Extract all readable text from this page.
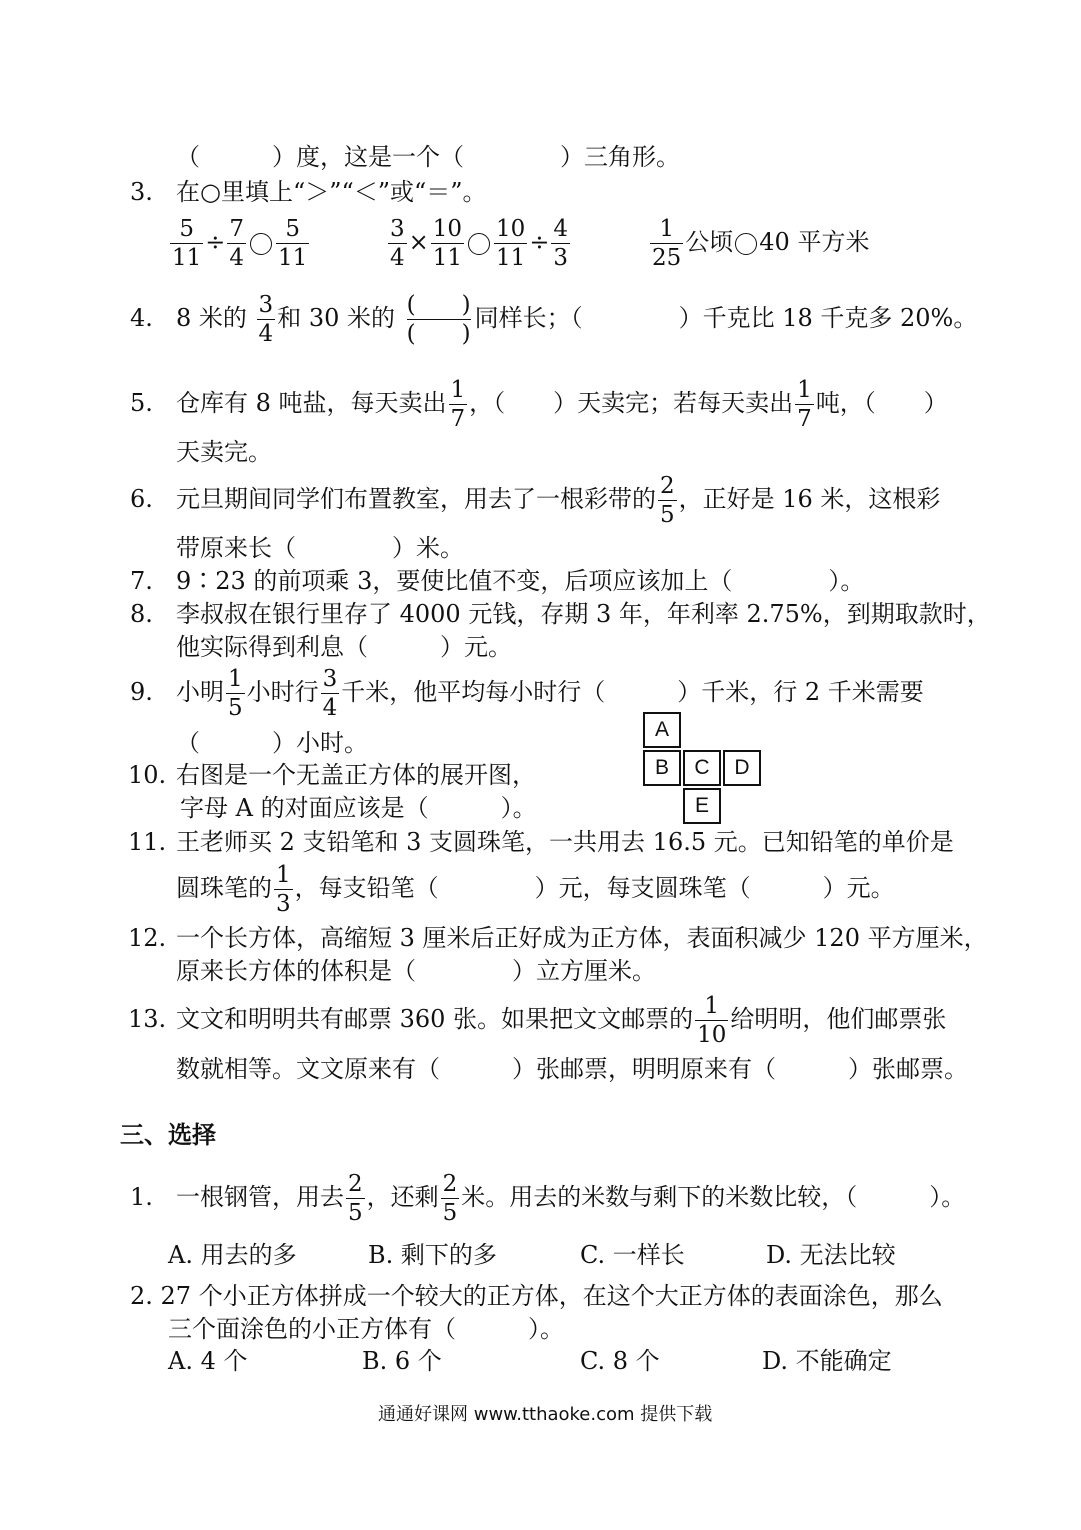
（　　　）度，这是一个（　　　　）三角形。
3. 在○里填上“＞”“＜”或“＝”。
$\frac{5}{11} \div \frac{7}{4} \frac{5}{11}$	$\frac{3}{4} \times \frac{10}{11} \frac{10}{11} \div \frac{4}{3}$	$\frac{1}{25}$ 公顷 40 平方米
4. 8 米的 $\frac{3}{4}$ 和 30 米的 $\frac{( )}{( )}$ 同样长；（　　　　）千克比 18 千克多 20%。
5. 仓库有 8 吨盐，每天卖出 $\frac{1}{7}$ ，（　　）天卖完；若每天卖出 $\frac{1}{7}$ 吨，（　　）
天卖完。
6. 元旦期间同学们布置教室，用去了一根彩带的 $\frac{2}{5}$ ，正好是 16 米，这根彩
带原来长（　　　　）米。
7. 9∶23 的前项乘 3，要使比值不变，后项应该加上（　　　　）。
8. 李叔叔在银行里存了 4000 元钱，存期 3 年，年利率 2.75%，到期取款时，
他实际得到利息（　　　）元。
9. 小明 $\frac{1}{5}$ 小时行 $\frac{3}{4}$ 千米，他平均每小时行（　　　）千米，行 2 千米需要
（　　　）小时。
10. 右图是一个无盖正方体的展开图，
字母 A 的对面应该是（　　　）。
A
B	C	D
E
11. 王老师买 2 支铅笔和 3 支圆珠笔，一共用去 16.5 元。已知铅笔的单价是
圆珠笔的 $\frac{1}{3}$ ，每支铅笔（　　　　）元，每支圆珠笔（　　　）元。
12. 一个长方体，高缩短 3 厘米后正好成为正方体，表面积减少 120 平方厘米，
原来长方体的体积是（　　　　）立方厘米。
13. 文文和明明共有邮票 360 张。如果把文文邮票的 $\frac{1}{10}$ 给明明，他们邮票张
数就相等。文文原来有（　　　）张邮票，明明原来有（　　　）张邮票。
三、选择
1. 一根钢管，用去 $\frac{2}{5}$ ，还剩 $\frac{2}{5}$ 米。用去的米数与剩下的米数比较，（　　　）。
A. 用去的多	B. 剩下的多	C. 一样长	D. 无法比较
2. 27 个小正方体拼成一个较大的正方体，在这个大正方体的表面涂色，那么
三个面涂色的小正方体有（　　　）。
A. 4 个	B. 6 个	C. 8 个	D. 不能确定
通通好课网 www.tthaoke.com 提供下载
